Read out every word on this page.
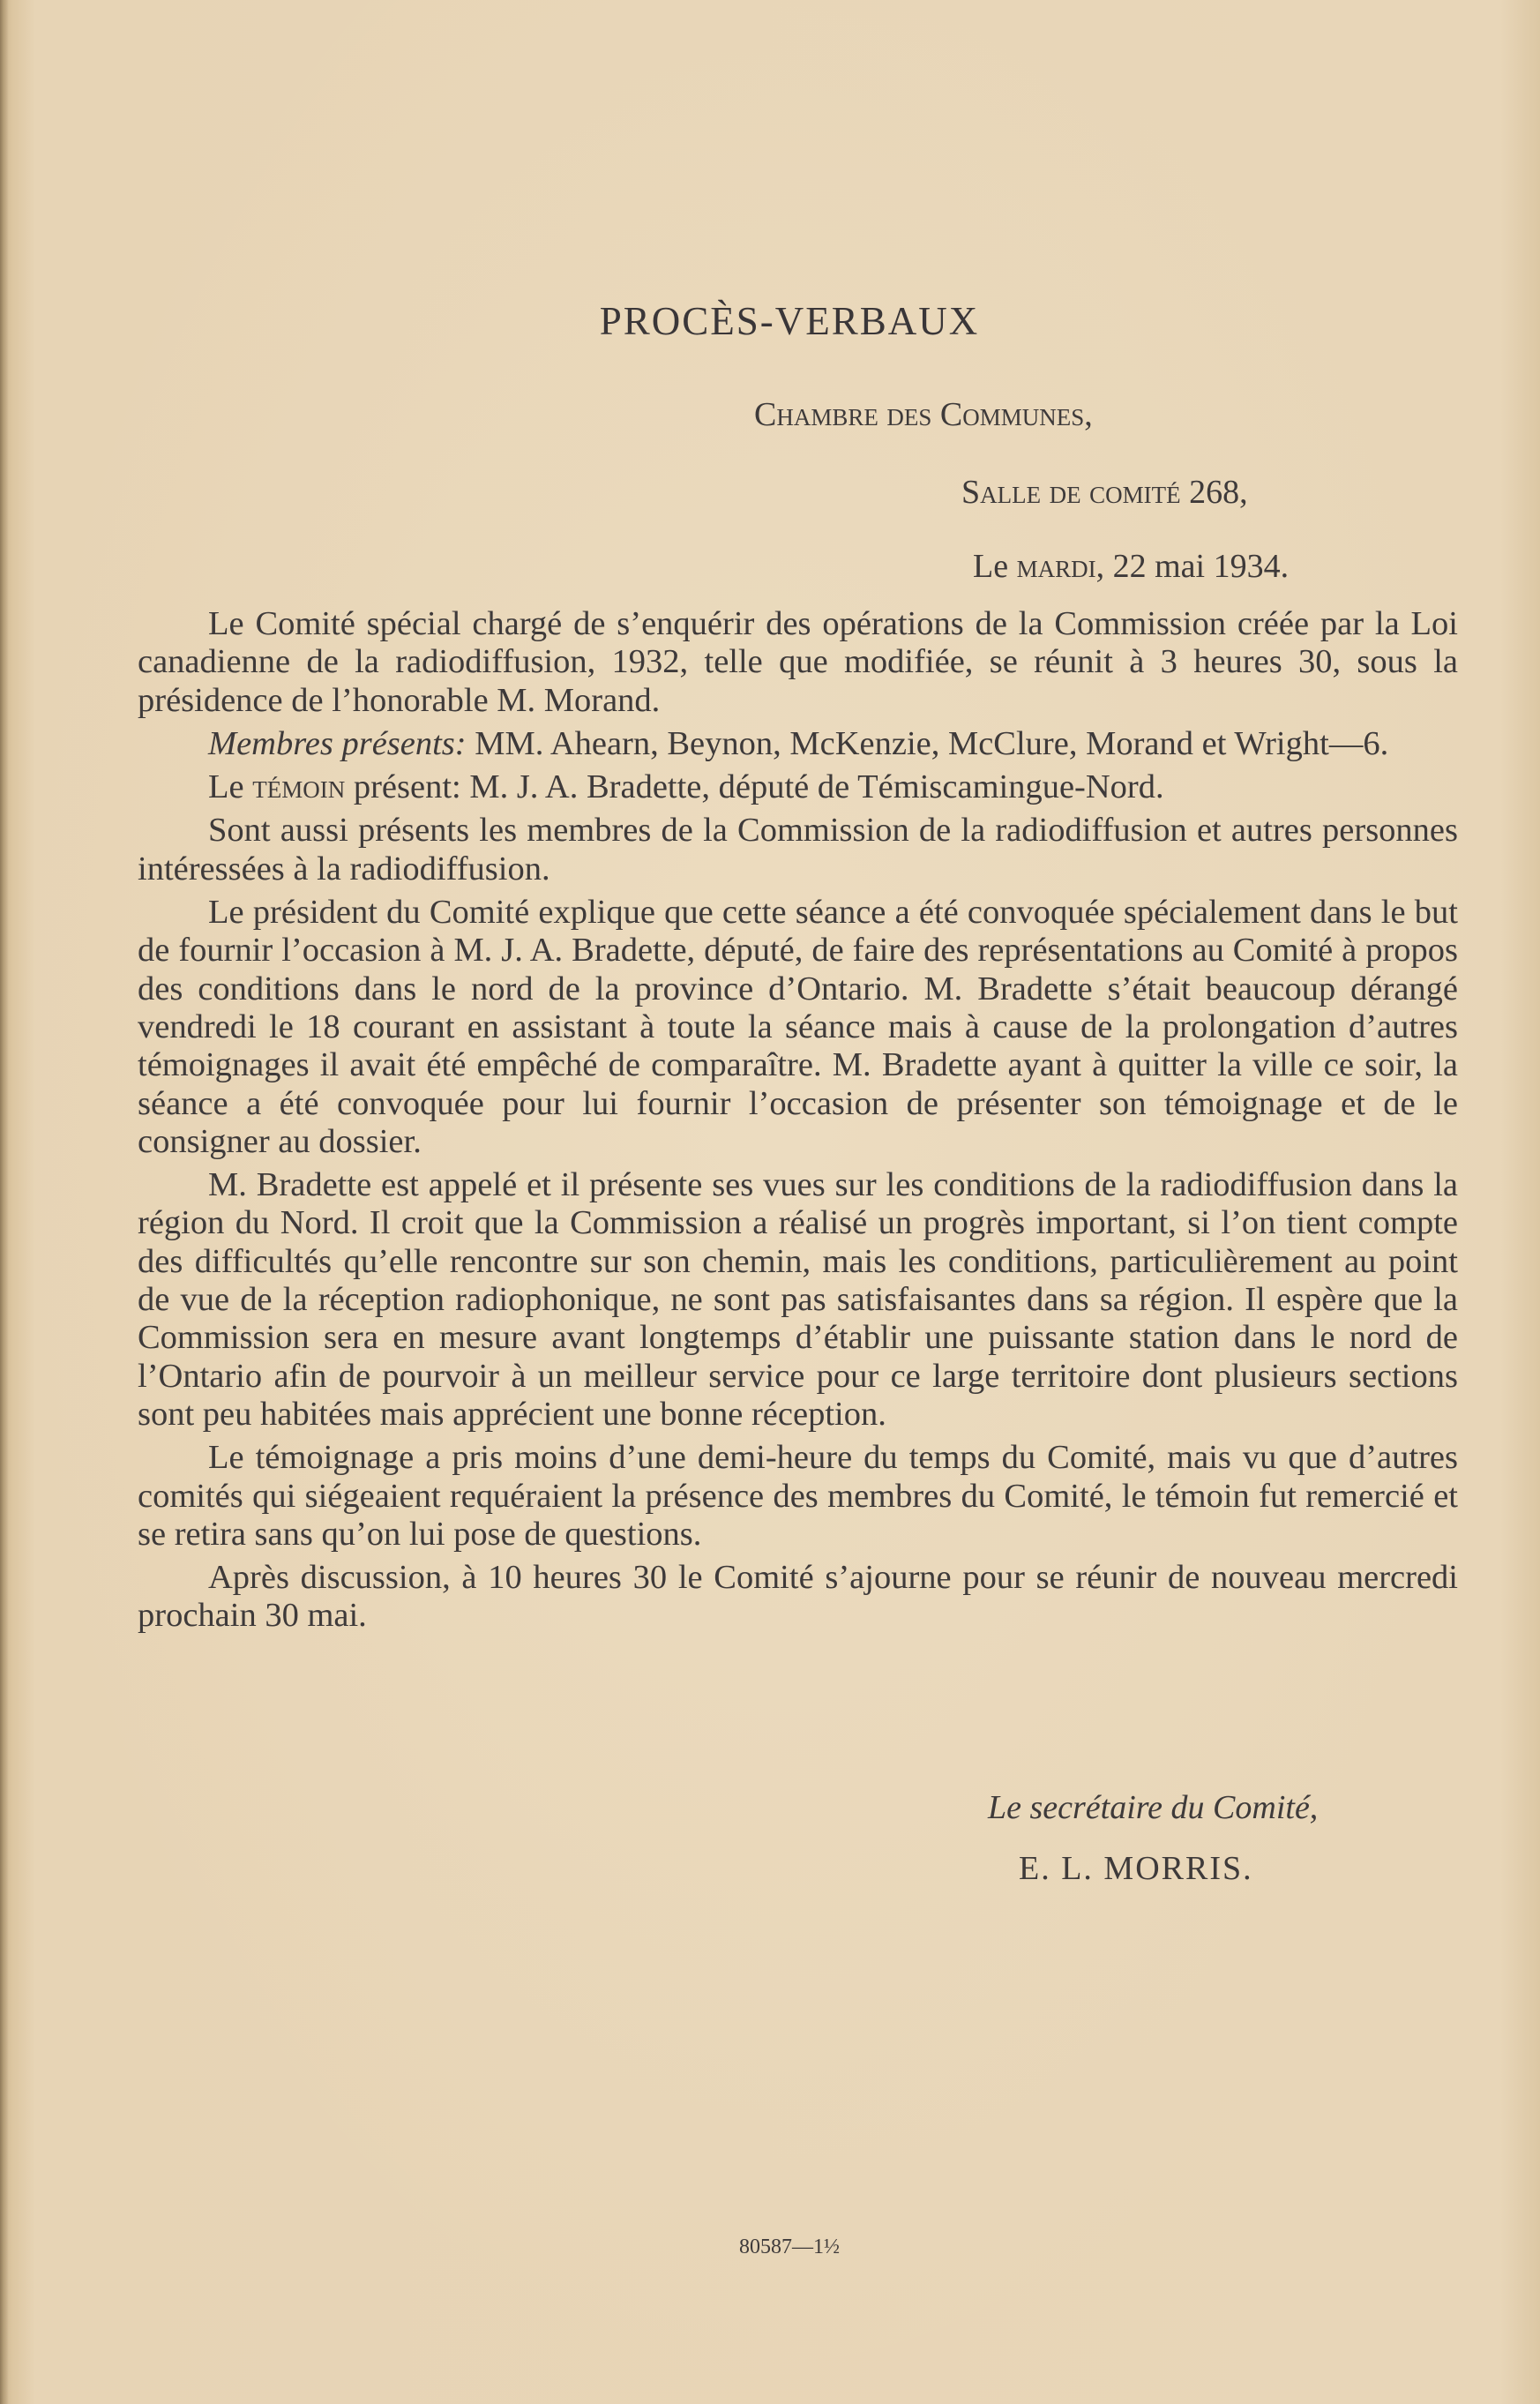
PROCÈS-VERBAUX
Chambre des Communes,
Salle de comité 268,
Le mardi, 22 mai 1934.

Le Comité spécial chargé de s’enquérir des opérations de la Commission créée par la Loi canadienne de la radiodiffusion, 1932, telle que modifiée, se réunit à 3 heures 30, sous la présidence de l’honorable M. Morand.

Membres présents: MM. Ahearn, Beynon, McKenzie, McClure, Morand et Wright—6.

Le témoin présent: M. J. A. Bradette, député de Témiscamingue-Nord.

Sont aussi présents les membres de la Commission de la radiodiffusion et autres personnes intéressées à la radiodiffusion.

Le président du Comité explique que cette séance a été convoquée spécialement dans le but de fournir l’occasion à M. J. A. Bradette, député, de faire des représentations au Comité à propos des conditions dans le nord de la province d’Ontario. M. Bradette s’était beaucoup dérangé vendredi le 18 courant en assistant à toute la séance mais à cause de la prolongation d’autres témoignages il avait été empêché de comparaître. M. Bradette ayant à quitter la ville ce soir, la séance a été convoquée pour lui fournir l’occasion de présenter son témoignage et de le consigner au dossier.

M. Bradette est appelé et il présente ses vues sur les conditions de la radiodiffusion dans la région du Nord. Il croit que la Commission a réalisé un progrès important, si l’on tient compte des difficultés qu’elle rencontre sur son chemin, mais les conditions, particulièrement au point de vue de la réception radiophonique, ne sont pas satisfaisantes dans sa région. Il espère que la Commission sera en mesure avant longtemps d’établir une puissante station dans le nord de l’Ontario afin de pourvoir à un meilleur service pour ce large territoire dont plusieurs sections sont peu habitées mais apprécient une bonne réception.

Le témoignage a pris moins d’une demi-heure du temps du Comité, mais vu que d’autres comités qui siégeaient requéraient la présence des membres du Comité, le témoin fut remercié et se retira sans qu’on lui pose de questions.

Après discussion, à 10 heures 30 le Comité s’ajourne pour se réunir de nouveau mercredi prochain 30 mai.

Le secrétaire du Comité,
E. L. MORRIS.
80587—1½
